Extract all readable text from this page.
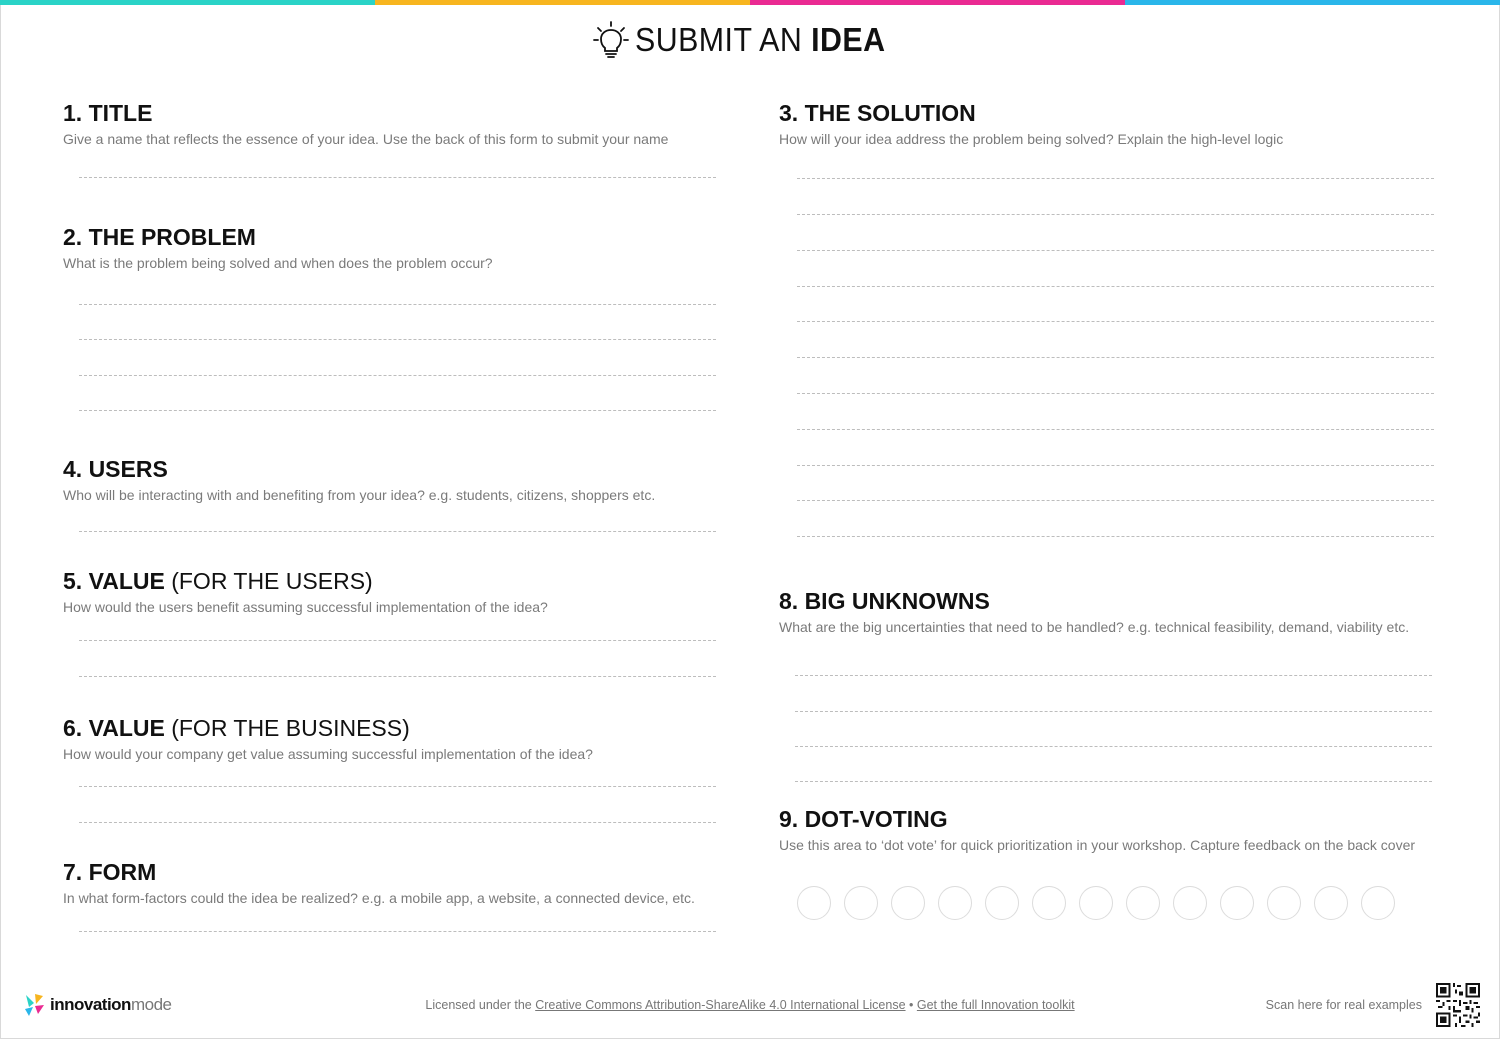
SUBMIT AN IDEA
1. TITLE
Give a name that reflects the essence of your idea. Use the back of this form to submit your name
2. THE PROBLEM
What is the problem being solved and when does the problem occur?
4. USERS
Who will be interacting with and benefiting from your idea? e.g. students, citizens, shoppers etc.
5. VALUE (FOR THE USERS)
How would the users benefit assuming successful implementation of the idea?
6. VALUE (FOR THE BUSINESS)
How would your company get value assuming successful implementation of the idea?
7. FORM
In what form-factors could the idea be realized? e.g. a mobile app, a website, a connected device, etc.
3. THE SOLUTION
How will your idea address the problem being solved? Explain the high-level logic
8. BIG UNKNOWNS
What are the big uncertainties that need to be handled? e.g. technical feasibility, demand, viability etc.
9. DOT-VOTING
Use this area to ‘dot vote’ for quick prioritization in your workshop. Capture feedback on the back cover
innovation mode	Licensed under the Creative Commons Attribution-ShareAlike 4.0 International License • Get the full Innovation toolkit	Scan here for real examples
